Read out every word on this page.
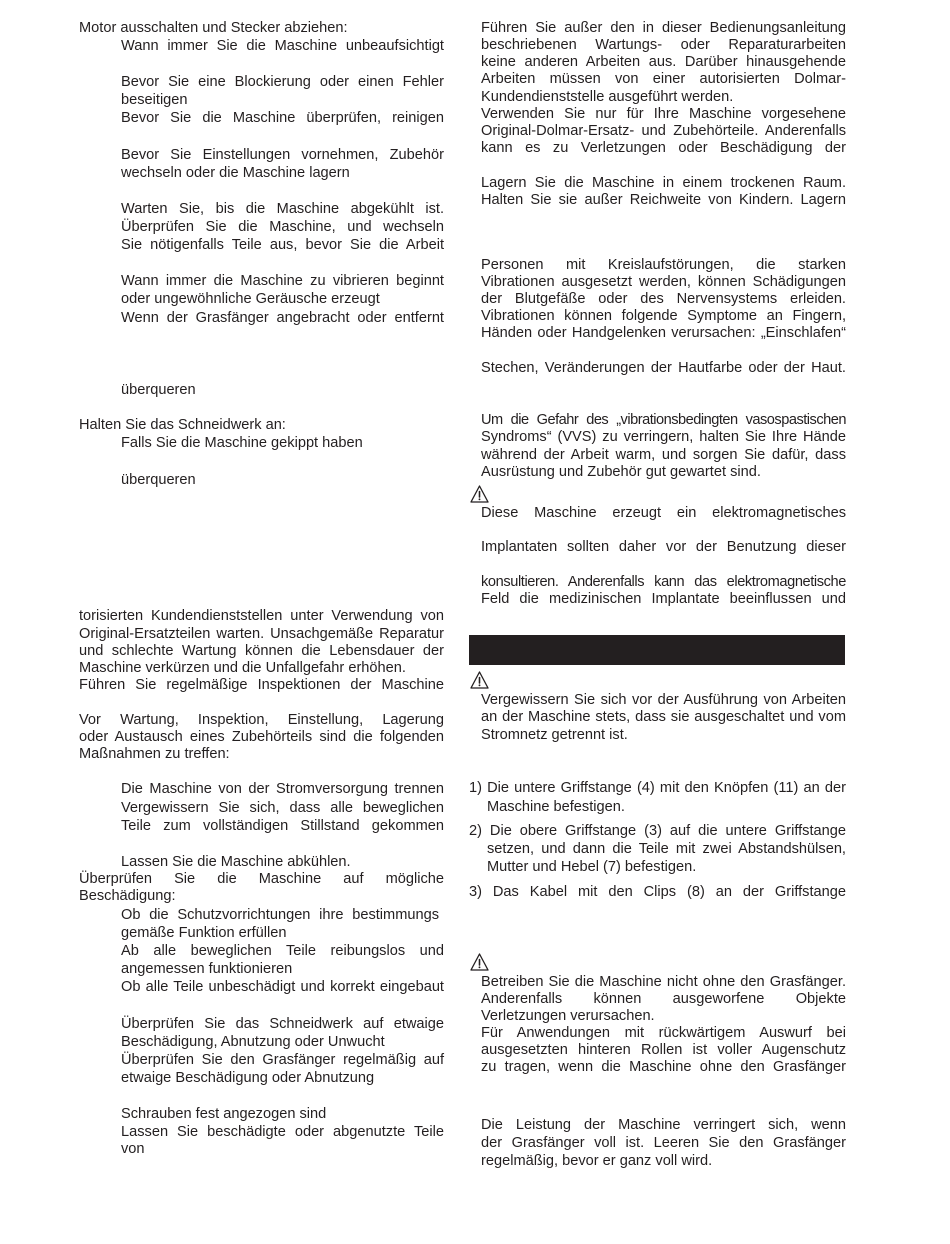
Motor ausschalten und Stecker abziehen:
Wann immer Sie die Maschine unbeaufsichtigt
Bevor Sie eine Blockierung oder einen Fehler
beseitigen
Bevor Sie die Maschine überprüfen, reinigen
Bevor Sie Einstellungen vornehmen, Zubehör
wechseln oder die Maschine lagern
Warten Sie, bis die Maschine abgekühlt ist.
Überprüfen Sie die Maschine, und wechseln
Sie nötigenfalls Teile aus, bevor Sie die Arbeit
Wann immer die Maschine zu vibrieren beginnt
oder ungewöhnliche Geräusche erzeugt
Wenn der Grasfänger angebracht oder entfernt
überqueren
Halten Sie das Schneidwerk an:
Falls Sie die Maschine gekippt haben
überqueren
torisierten Kundendienststellen unter Verwendung von
Original-Ersatzteilen warten. Unsachgemäße Reparatur
und schlechte Wartung können die Lebensdauer der
Maschine verkürzen und die Unfallgefahr erhöhen.
Führen Sie regelmäßige Inspektionen der Maschine
Vor Wartung, Inspektion, Einstellung, Lagerung
oder Austausch eines Zubehörteils sind die folgenden
Maßnahmen zu treffen:
Die Maschine von der Stromversorgung trennen
Vergewissern Sie sich, dass alle beweglichen
Teile zum vollständigen Stillstand gekommen
Lassen Sie die Maschine abkühlen.
Überprüfen Sie die Maschine auf mögliche
Beschädigung:
Ob die Schutzvorrichtungen ihre bestimmungs
gemäße Funktion erfüllen
Ab alle beweglichen Teile reibungslos und
angemessen funktionieren
Ob alle Teile unbeschädigt und korrekt eingebaut
Überprüfen Sie das Schneidwerk auf etwaige
Beschädigung, Abnutzung oder Unwucht
Überprüfen Sie den Grasfänger regelmäßig auf
etwaige Beschädigung oder Abnutzung
Schrauben fest angezogen sind
Lassen Sie beschädigte oder abgenutzte Teile von
Führen Sie außer den in dieser Bedienungsanleitung
beschriebenen Wartungs- oder Reparaturarbeiten
keine anderen Arbeiten aus. Darüber hinausgehende
Arbeiten müssen von einer autorisierten Dolmar-
Kundendienststelle ausgeführt werden.
Verwenden Sie nur für Ihre Maschine vorgesehene
Original-Dolmar-Ersatz- und Zubehörteile. Anderenfalls
kann es zu Verletzungen oder Beschädigung der
Lagern Sie die Maschine in einem trockenen Raum.
Halten Sie sie außer Reichweite von Kindern. Lagern
Personen mit Kreislaufstörungen, die starken
Vibrationen ausgesetzt werden, können Schädigungen
der Blutgefäße oder des Nervensystems erleiden.
Vibrationen können folgende Symptome an Fingern,
Händen oder Handgelenken verursachen: „Einschlafen“
Stechen, Veränderungen der Hautfarbe oder der Haut.
Um die Gefahr des „vibrationsbedingten vasospastischen
Syndroms“ (VVS) zu verringern, halten Sie Ihre Hände
während der Arbeit warm, und sorgen Sie dafür, dass
Ausrüstung und Zubehör gut gewartet sind.
Diese Maschine erzeugt ein elektromagnetisches
Implantaten sollten daher vor der Benutzung dieser
konsultieren. Anderenfalls kann das elektromagnetische
Feld die medizinischen Implantate beeinflussen und
Vergewissern Sie sich vor der Ausführung von Arbeiten
an der Maschine stets, dass sie ausgeschaltet und vom
Stromnetz getrennt ist.
1) Die untere Griffstange (4) mit den Knöpfen (11) an der
Maschine befestigen.
2) Die obere Griffstange (3) auf die untere Griffstange
setzen, und dann die Teile mit zwei Abstandshülsen,
Mutter und Hebel (7) befestigen.
3) Das Kabel mit den Clips (8) an der Griffstange
Betreiben Sie die Maschine nicht ohne den Grasfänger.
Anderenfalls können ausgeworfene Objekte
Verletzungen verursachen.
Für Anwendungen mit rückwärtigem Auswurf bei
ausgesetzten hinteren Rollen ist voller Augenschutz
zu tragen, wenn die Maschine ohne den Grasfänger
Die Leistung der Maschine verringert sich, wenn
der Grasfänger voll ist. Leeren Sie den Grasfänger
regelmäßig, bevor er ganz voll wird.
